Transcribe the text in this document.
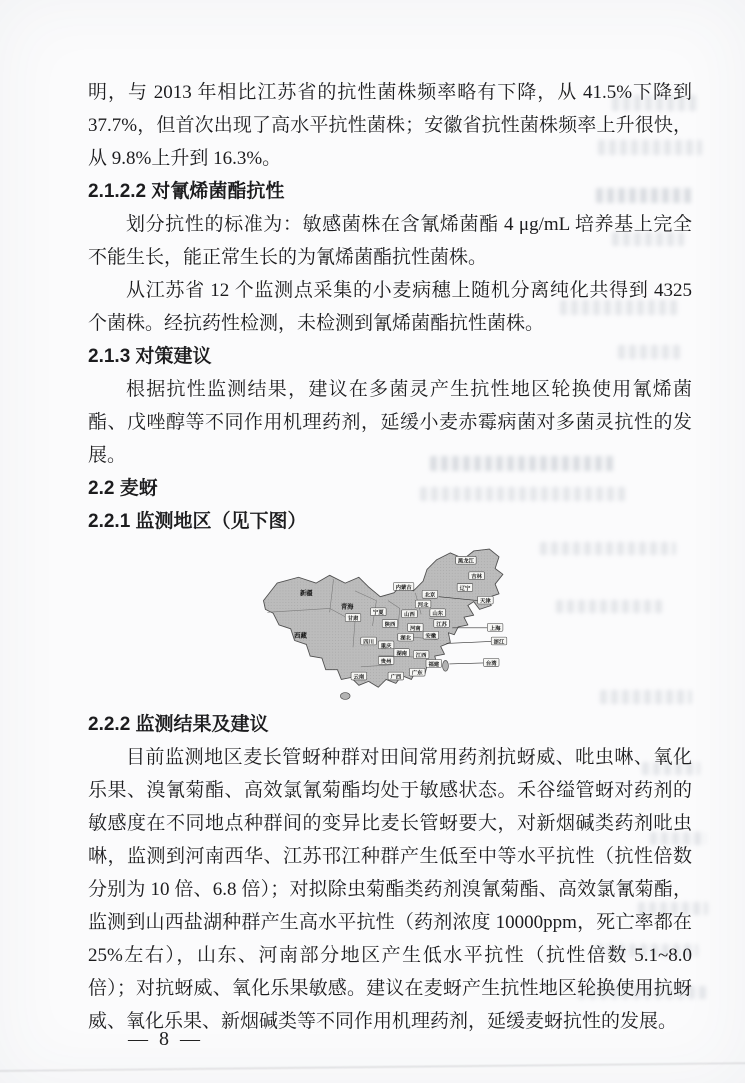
明，与 2013 年相比江苏省的抗性菌株频率略有下降，从 41.5%下降到 37.7%，但首次出现了高水平抗性菌株；安徽省抗性菌株频率上升很快，从 9.8%上升到 16.3%。

2.1.2.2 对氰烯菌酯抗性

划分抗性的标准为：敏感菌株在含氰烯菌酯 4 μg/mL 培养基上完全不能生长，能正常生长的为氰烯菌酯抗性菌株。

从江苏省 12 个监测点采集的小麦病穗上随机分离纯化共得到 4325 个菌株。经抗药性检测，未检测到氰烯菌酯抗性菌株。

2.1.3 对策建议

根据抗性监测结果，建议在多菌灵产生抗性地区轮换使用氰烯菌酯、戊唑醇等不同作用机理药剂，延缓小麦赤霉病菌对多菌灵抗性的发展。

2.2 麦蚜

2.2.1 监测地区（见下图）

新疆
西藏
青海
甘肃
四川
云南
贵州
广西
广东
湖南 江西
福建
湖北
重庆
陕西
宁夏	山西
河北
北京
内蒙古
黑龙江
吉林
辽宁
山东
河南
江苏
安徽
天津
上海
浙江
台湾

2.2.2 监测结果及建议

目前监测地区麦长管蚜种群对田间常用药剂抗蚜威、吡虫啉、氧化乐果、溴氰菊酯、高效氯氰菊酯均处于敏感状态。禾谷缢管蚜对药剂的敏感度在不同地点种群间的变异比麦长管蚜要大，对新烟碱类药剂吡虫啉，监测到河南西华、江苏邗江种群产生低至中等水平抗性（抗性倍数分别为 10 倍、6.8 倍）；对拟除虫菊酯类药剂溴氰菊酯、高效氯氰菊酯，监测到山西盐湖种群产生高水平抗性（药剂浓度 10000ppm，死亡率都在 25%左右），山东、河南部分地区产生低水平抗性（抗性倍数 5.1~8.0 倍）；对抗蚜威、氧化乐果敏感。建议在麦蚜产生抗性地区轮换使用抗蚜威、氧化乐果、新烟碱类等不同作用机理药剂，延缓麦蚜抗性的发展。

— 8 —
